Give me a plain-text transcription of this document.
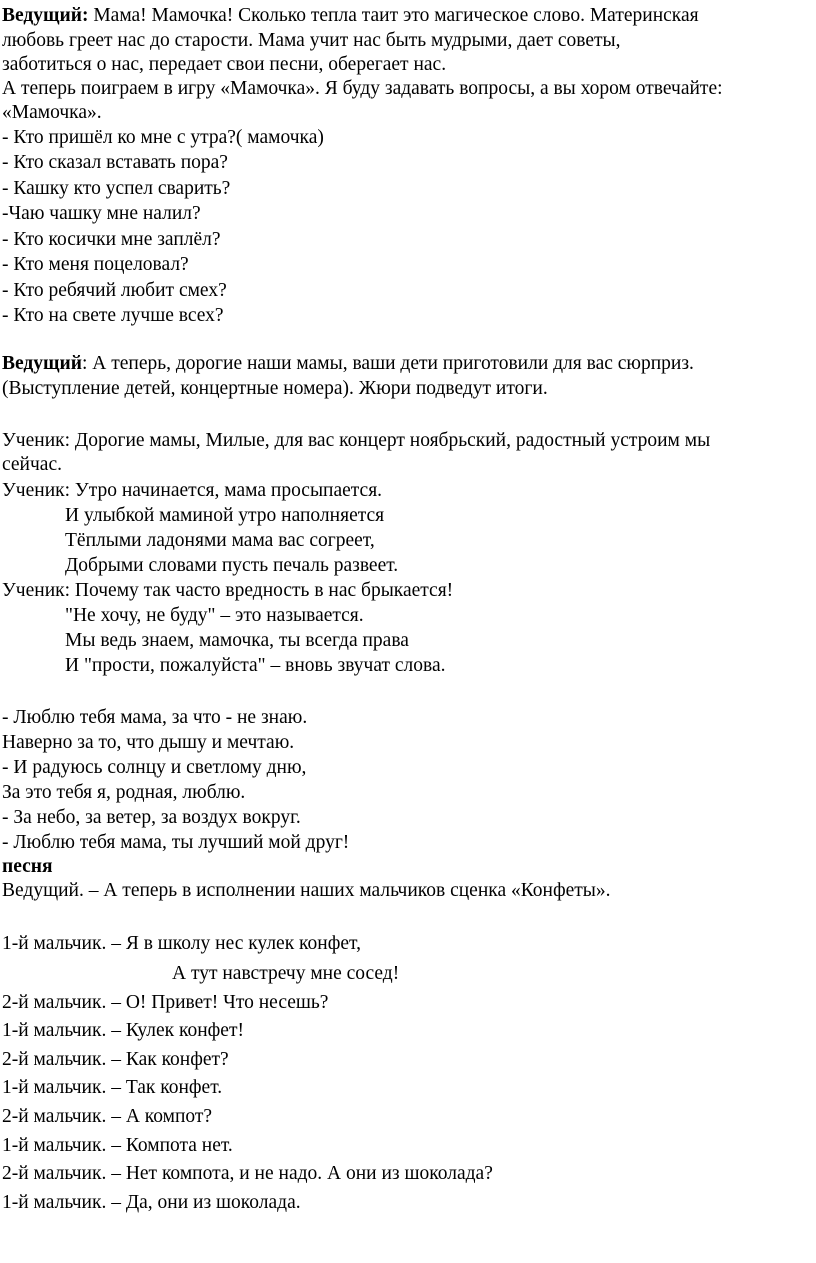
Ведущий: Мама! Мамочка! Сколько тепла таит это магическое слово. Материнская
любовь греет нас до старости. Мама учит нас быть мудрыми, дает советы,
заботиться о нас, передает свои песни, оберегает нас.
А теперь поиграем в игру «Мамочка». Я буду задавать вопросы, а вы хором отвечайте:
«Мамочка».
- Кто пришёл ко мне с утра?( мамочка)
- Кто сказал вставать пора?
- Кашку кто успел сварить?
-Чаю чашку мне налил?
- Кто косички мне заплёл?
- Кто меня поцеловал?
- Кто ребячий любит смех?
- Кто на свете лучше всех?
Ведущий: А теперь, дорогие наши мамы, ваши дети приготовили для вас сюрприз.
(Выступление детей, концертные номера). Жюри подведут итоги.
Ученик: Дорогие мамы, Милые, для вас концерт ноябрьский, радостный устроим мы
сейчас.
Ученик: Утро начинается, мама просыпается.
И улыбкой маминой утро наполняется
Тёплыми ладонями мама вас согреет,
Добрыми словами пусть печаль развеет.
Ученик: Почему так часто вредность в нас брыкается!
"Не хочу, не буду" – это называется.
Мы ведь знаем, мамочка, ты всегда права
И "прости, пожалуйста" – вновь звучат слова.
- Люблю тебя мама, за что - не знаю.
Наверно за то, что дышу и мечтаю.
- И радуюсь солнцу и светлому дню,
За это тебя я, родная, люблю.
- За небо, за ветер, за воздух вокруг.
- Люблю тебя мама, ты лучший мой друг!
песня
Ведущий. – А теперь в исполнении наших мальчиков сценка «Конфеты».
1-й мальчик. – Я в школу нес кулек конфет,
А тут навстречу мне сосед!
2-й мальчик. – О! Привет! Что несешь?
1-й мальчик. – Кулек конфет!
2-й мальчик. – Как конфет?
1-й мальчик. – Так конфет.
2-й мальчик. – А компот?
1-й мальчик. – Компота нет.
2-й мальчик. – Нет компота, и не надо. А они из шоколада?
1-й мальчик. – Да, они из шоколада.
